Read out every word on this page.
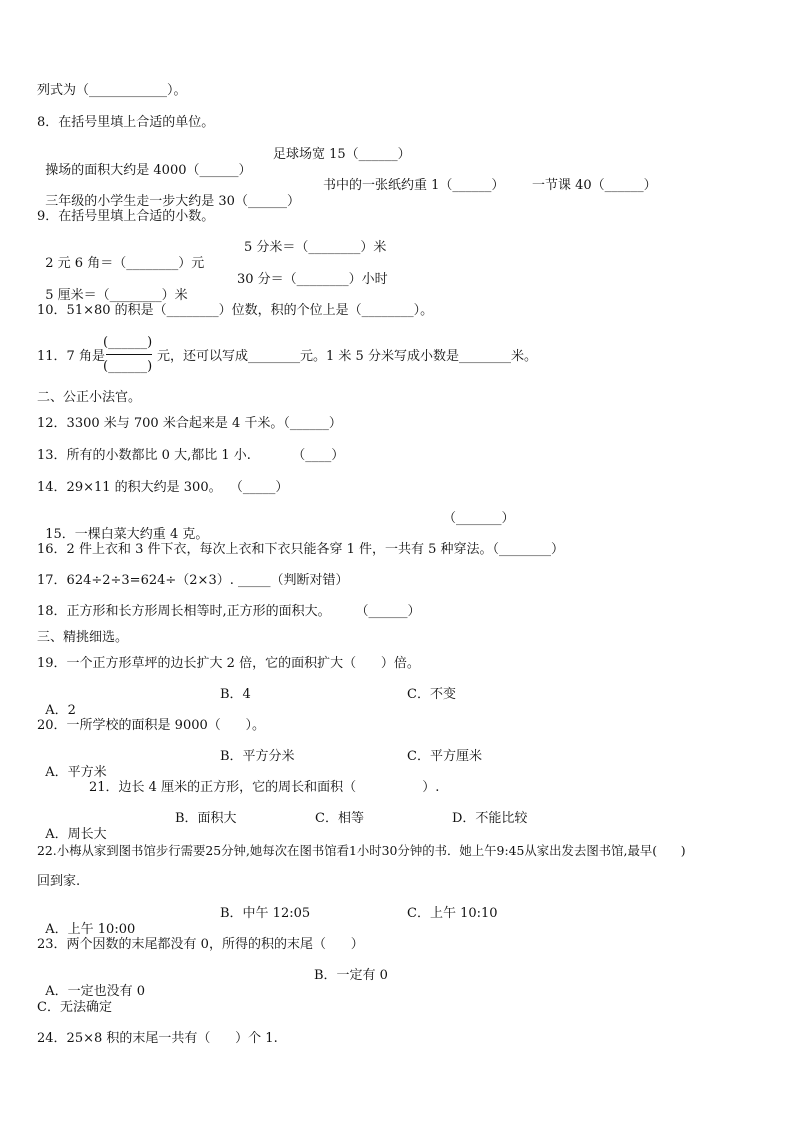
列式为（____________）。
8．在括号里填上合适的单位。

操场的面积大约是 4000（______）

足球场宽 15（______）

三年级的小学生走一步大约是 30（______）

书中的一张纸约重 1（______）

一节课 40（______）

9．在括号里填上合适的小数。

2 元 6 角＝（________）元

5 分米＝（________）米

5 厘米＝（________）米

30 分＝（________）小时

10．51×80 的积是（________）位数，积的个位上是（________）。
11．7 角是
(______)
(______)
元，还可以写成________元。1 米 5 分米写成小数是________米。
二、公正小法官。
12．3300 米与 700 米合起来是 4 千米。（______）
13．所有的小数都比 0 大,都比 1 小.          （____）
14．29×11 的积大约是 300。  （_____）

15．一棵白菜大约重 4 克。

（_______）

16．2 件上衣和 3 件下衣，每次上衣和下衣只能各穿 1 件，一共有 5 种穿法。（________）
17．624÷2÷3=624÷（2×3）. _____（判断对错）
18．正方形和长方形周长相等时,正方形的面积大。      （______）
三、精挑细选。
19．一个正方形草坪的边长扩大 2 倍，它的面积扩大（      ）倍。

A．2

B．4

	C．不变

20．一所学校的面积是 9000（      ）。

A．平方米

B．平方分米

	C．平方厘米

21．边长 4 厘米的正方形，它的周长和面积（                ）.

A．周长大

B．面积大

	C．相等

	D．不能比较

22.小梅从家到图书馆步行需要25分钟,她每次在图书馆看1小时30分钟的书．她上午9:45从家出发去图书馆,最早(      )
回到家.

A．上午 10:00

B．中午 12:05

	C．上午 10:10

23．两个因数的末尾都没有 0，所得的积的末尾（      ）

A．一定也没有 0

B．一定有 0

C．无法确定
24．25×8 积的末尾一共有（      ）个 1.
